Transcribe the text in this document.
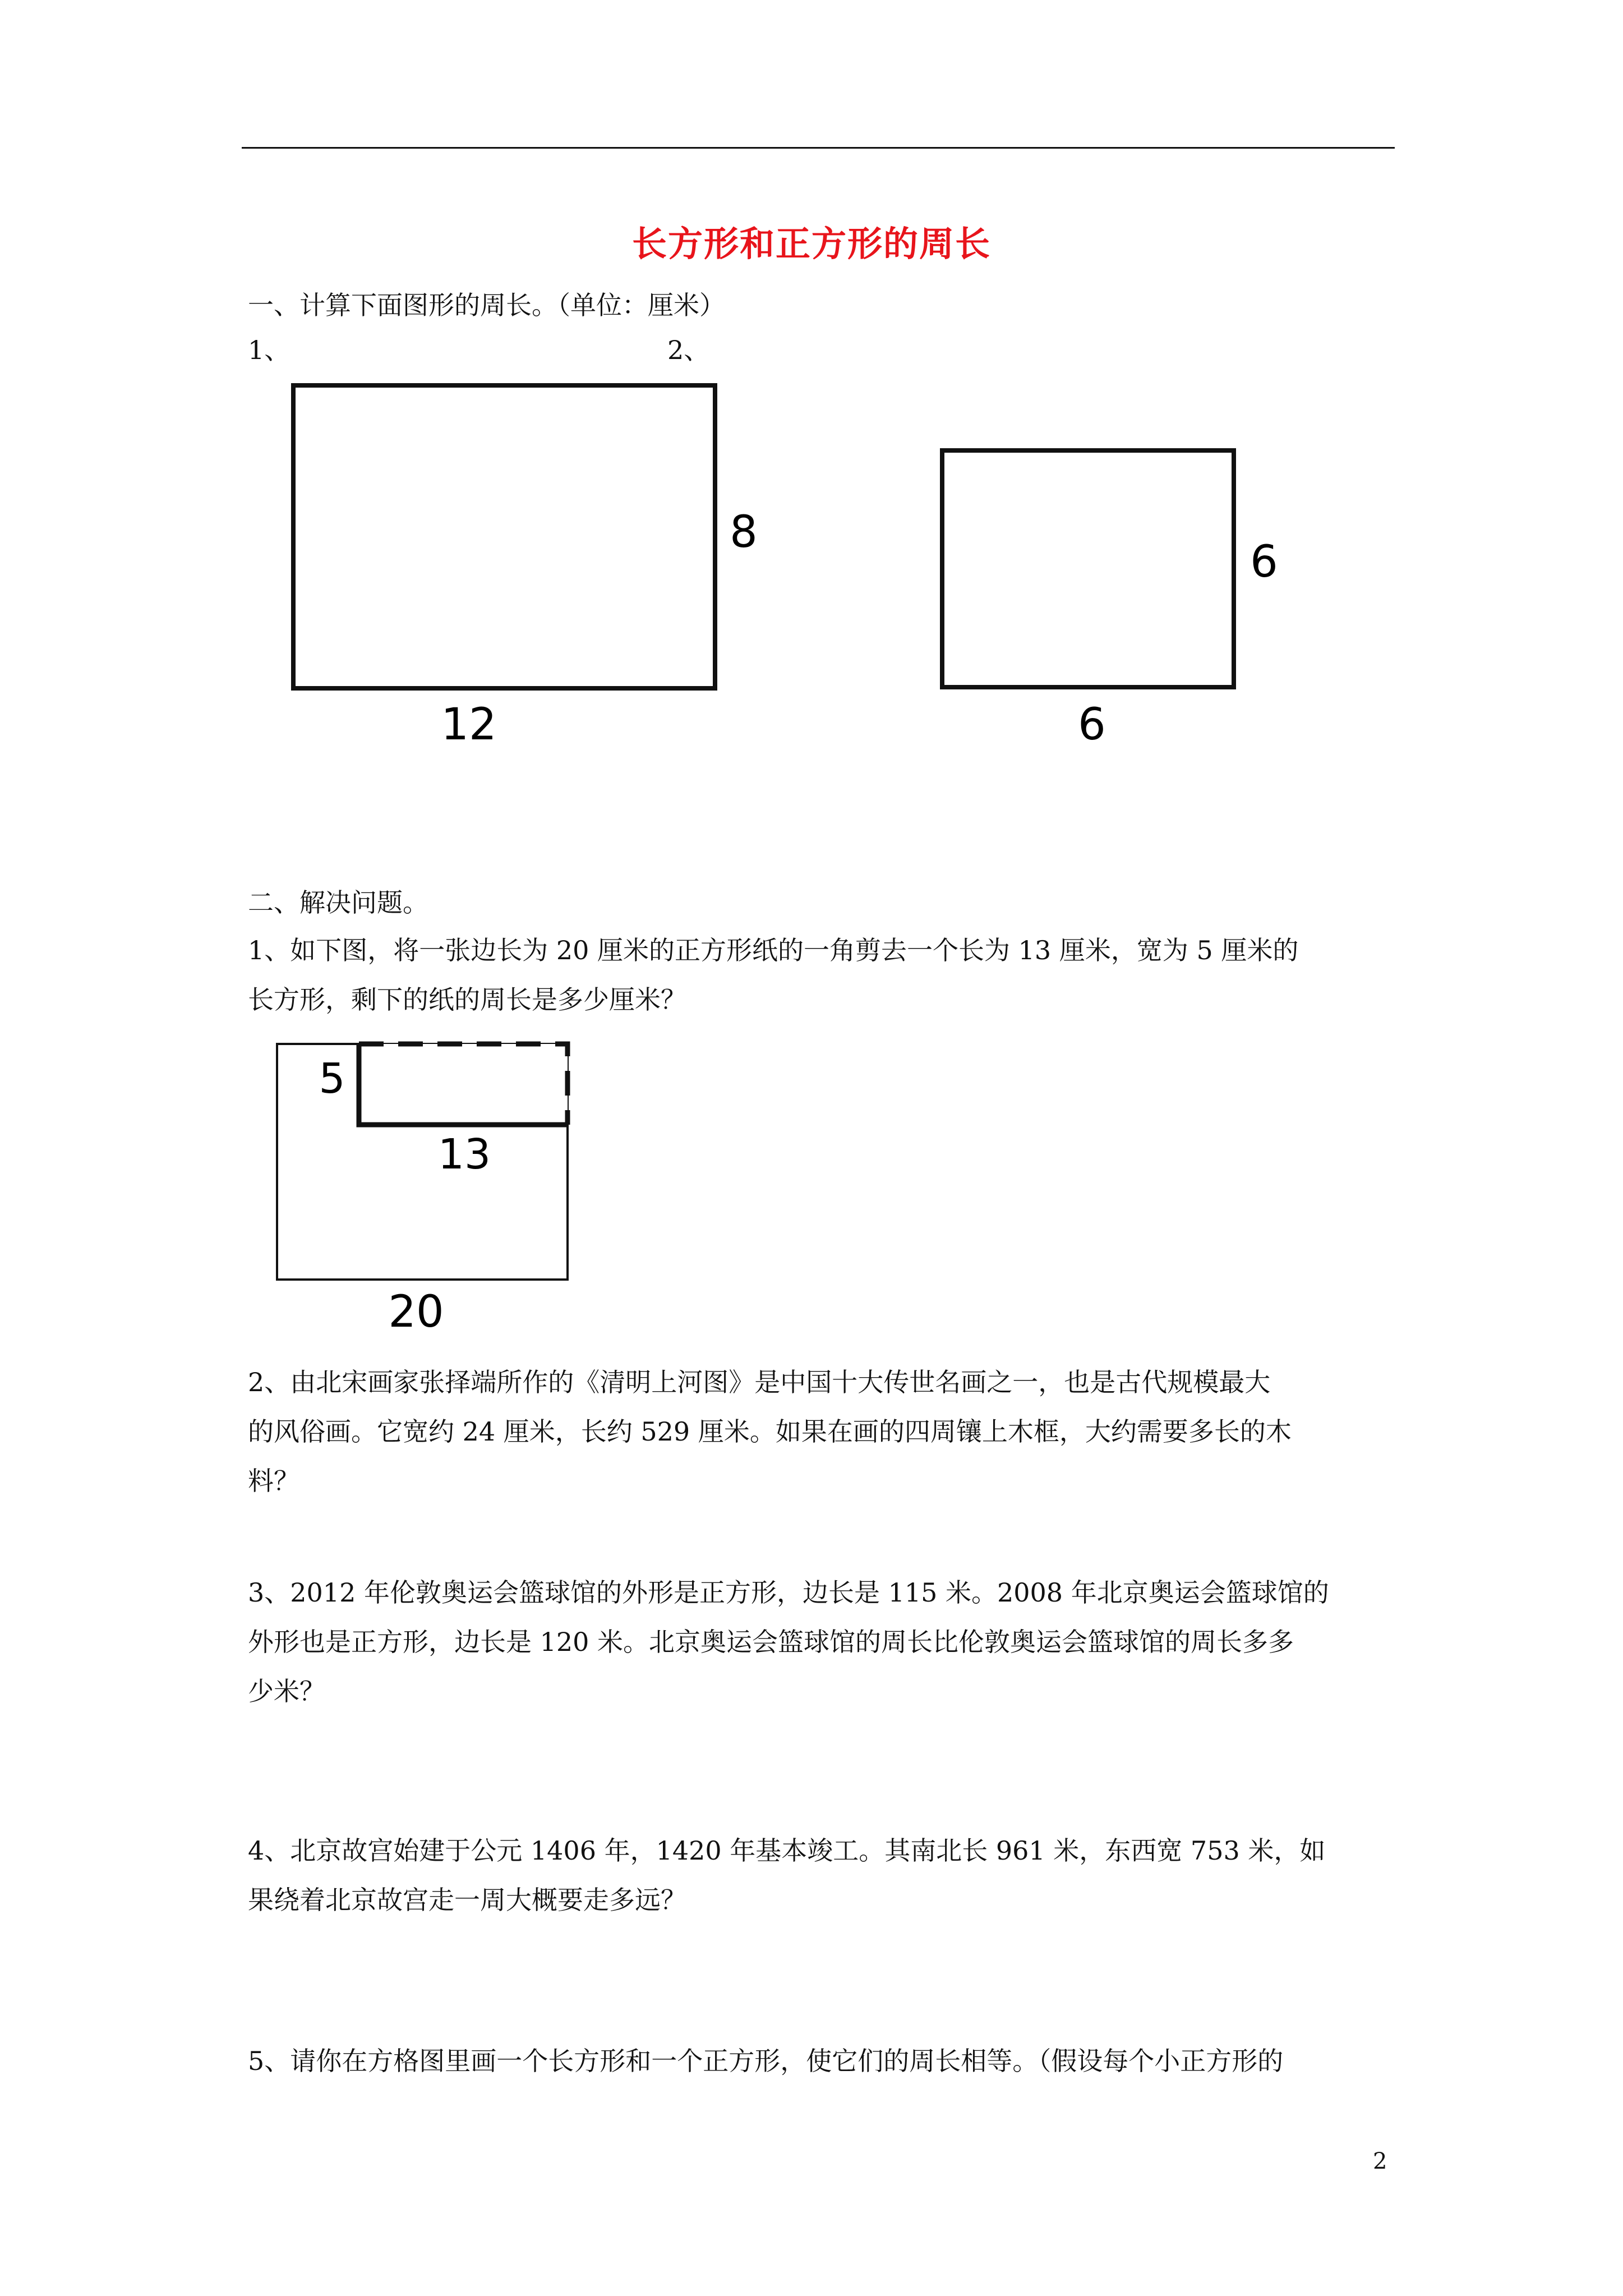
长方形和正方形的周长
一、计算下面图形的周长。（单位：厘米）
1、	2、
8
12
6
6
二、解决问题。
1、如下图，将一张边长为 20 厘米的正方形纸的一角剪去一个长为 13 厘米，宽为 5 厘米的
长方形，剩下的纸的周长是多少厘米？
5
13
20
2、由北宋画家张择端所作的《清明上河图》是中国十大传世名画之一，也是古代规模最大
的风俗画。它宽约 24 厘米，长约 529 厘米。如果在画的四周镶上木框，大约需要多长的木
料？
3、2012 年伦敦奥运会篮球馆的外形是正方形，边长是 115 米。2008 年北京奥运会篮球馆的
外形也是正方形，边长是 120 米。北京奥运会篮球馆的周长比伦敦奥运会篮球馆的周长多多
少米？
4、北京故宫始建于公元 1406 年，1420 年基本竣工。其南北长 961 米，东西宽 753 米，如
果绕着北京故宫走一周大概要走多远？
5、请你在方格图里画一个长方形和一个正方形，使它们的周长相等。（假设每个小正方形的
2
